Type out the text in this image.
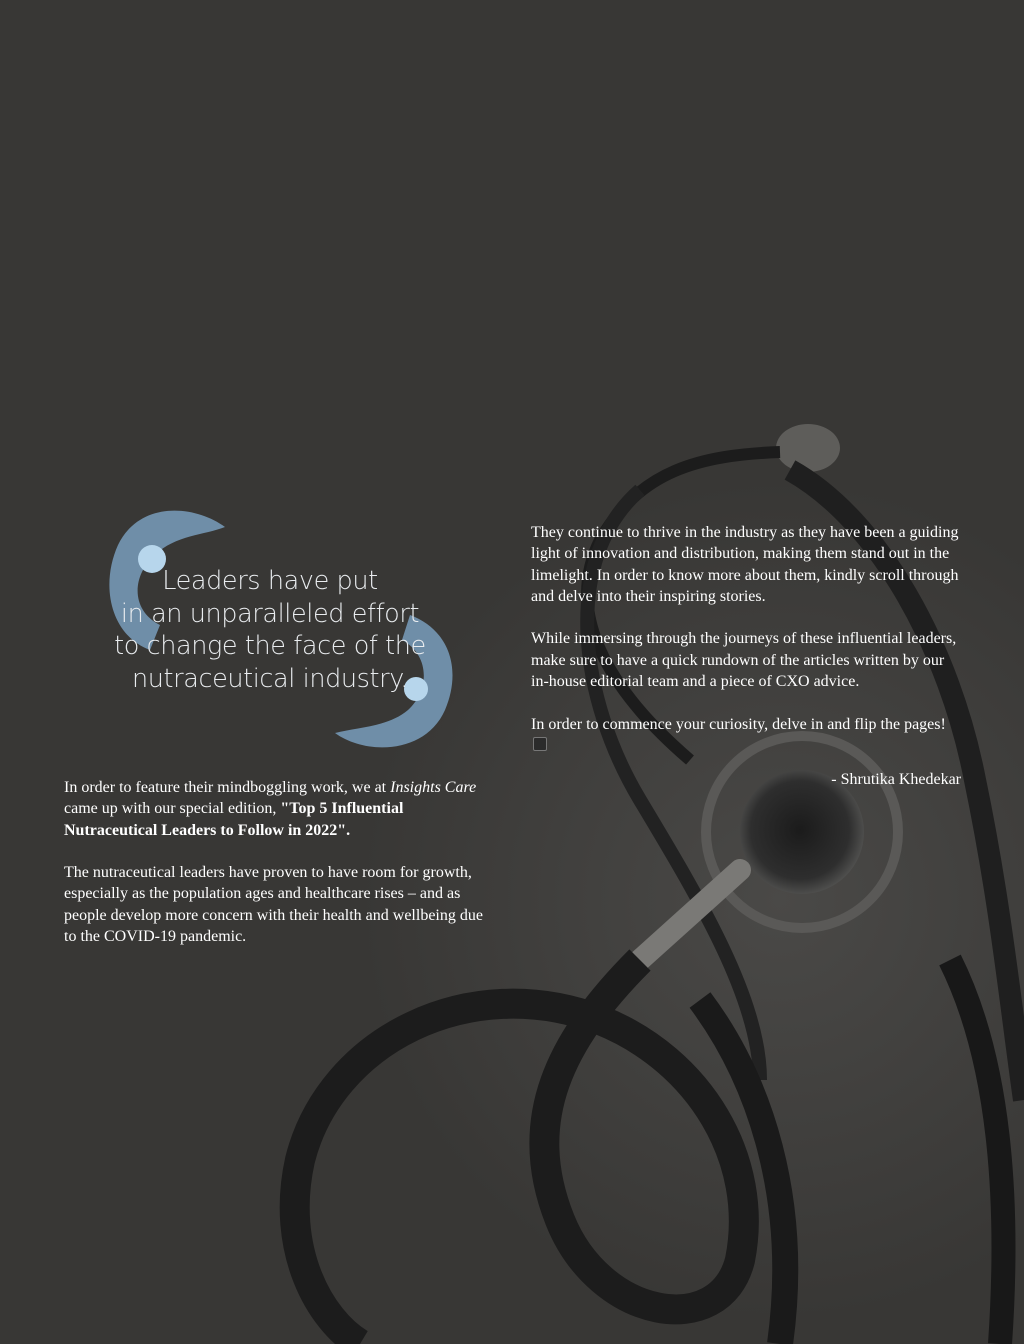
Leaders have put
in an unparalleled effort
to change the face of the
nutraceutical industry.

In order to feature their mindboggling work, we at Insights Care came up with our special edition, "Top 5 Influential Nutraceutical Leaders to Follow in 2022".

The nutraceutical leaders have proven to have room for growth, especially as the population ages and healthcare rises – and as people develop more concern with their health and wellbeing due to the COVID-19 pandemic.

They continue to thrive in the industry as they have been a guiding light of innovation and distribution, making them stand out in the limelight. In order to know more about them, kindly scroll through and delve into their inspiring stories.

While immersing through the journeys of these influential leaders, make sure to have a quick rundown of the articles written by our in-house editorial team and a piece of CXO advice.

In order to commence your curiosity, delve in and flip the pages!

- Shrutika Khedekar
